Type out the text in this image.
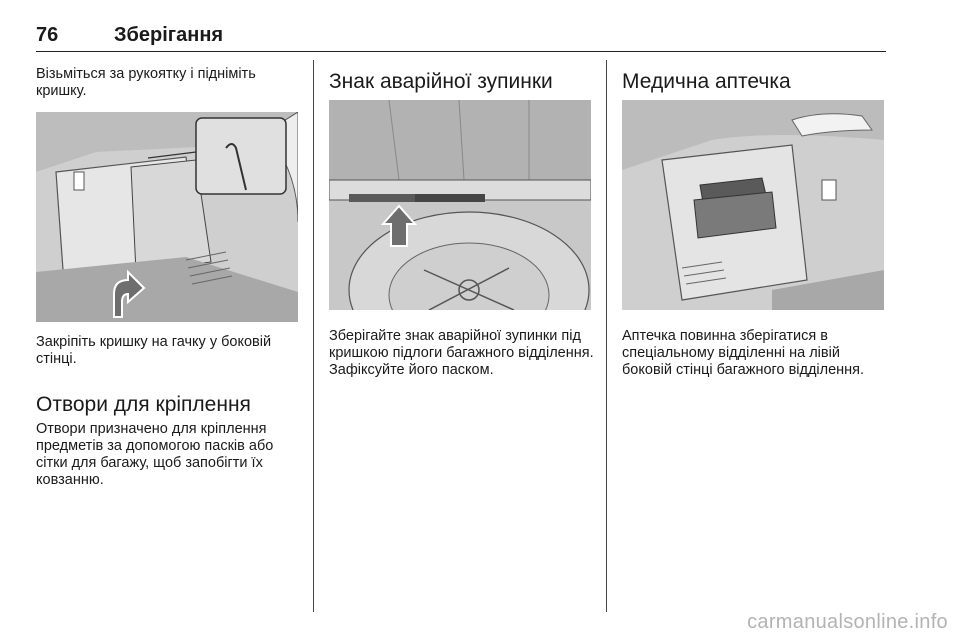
76	Зберігання

Візьміться за рукоятку і підніміть кришку.

Закріпіть кришку на гачку у боковій стінці.

Отвори для кріплення

Отвори призначено для кріплення предметів за допомогою пасків або сітки для багажу, щоб запобігти їх ковзанню.

Знак аварійної зупинки

Зберігайте знак аварійної зупинки під кришкою підлоги багажного відділення. Зафіксуйте його паском.

Медична аптечка

Аптечка повинна зберігатися в спеціальному відділенні на лівій боковій стінці багажного відділення.

carmanualsonline.info
